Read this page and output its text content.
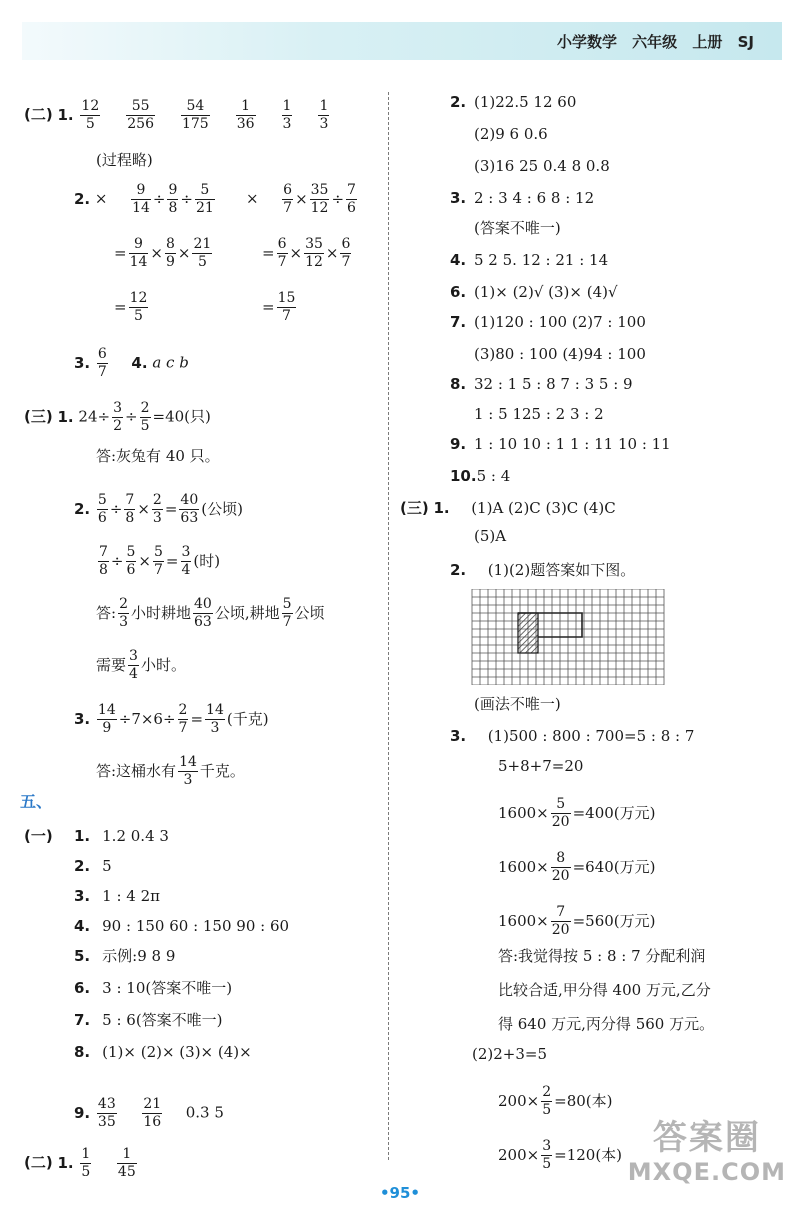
小学数学 六年级 上册 SJ
(二) 1. $\frac{12}{5} \frac{55}{256} \frac{54}{175} \frac{1}{36} \frac{1}{3} \frac{1}{3}$
(过程略)
2. × $\frac{9}{14} \div \frac{9}{8} \div \frac{5}{21} \times \frac{6}{7} \times \frac{35}{12} \div \frac{7}{6}$
= $\frac{9}{14} \times \frac{8}{9} \times \frac{21}{5}$	= $\frac{6}{7} \times \frac{35}{12} \times \frac{6}{7}$
= $\frac{12}{5}$	= $\frac{15}{7}$
3. $\frac{6}{7} 4$. a c b
(三) 1. $24\div \frac{3}{2} \div \frac{2}{5} =40$(只)
答:灰兔有 40 只。
2. $\frac{5}{6} \div \frac{7}{8} \times \frac{2}{3} = \frac{40}{63}$ (公顷)
$\frac{7}{8} \div \frac{5}{6} \times \frac{5}{7} = \frac{3}{4}$ (时)
答: $\frac{2}{3}$ 小时耕地 $\frac{40}{63}$ 公顷,耕地 $\frac{5}{7}$ 公顷
需要 $\frac{3}{4}$ 小时。
3. $\frac{14}{9} \div 7\times 6\div \frac{2}{7} = \frac{14}{3}$ (千克)
答:这桶水有 $\frac{14}{3}$ 千克。
五、
(一) 1. 1.2 0.4 3
2. 5
3. 1 : 4 2π
4. 90 : 150 60 : 150 90 : 60
5. 示例:9 8 9
6. 3 : 10(答案不唯一)
7. 5 : 6(答案不唯一)
8. (1)× (2)× (3)× (4)×
9. $\frac{43}{35}$
$\frac{21}{16} 0.3$ 5
(二) 1. $\frac{1}{5}$
$\frac{1}{45}$
2. (1)22.5 12 60
(2)9 6 0.6
(3)16 25 0.4 8 0.8
3. 2 : 3 4 : 6 8 : 12
(答案不唯一)
4. 5 2 5. 12 : 21 : 14
6. (1)× (2)√ (3)× (4)√
7. (1)120 : 100 (2)7 : 100
(3)80 : 100 (4)94 : 100
8. 32 : 1 5 : 8 7 : 3 5 : 9
1 : 5 125 : 2 3 : 2
9. 1 : 10 10 : 1 1 : 11 10 : 11
10.5 : 4
(三) 1. (1)A (2)C (3)C (4)C
(5)A
2. (1)(2)题答案如下图。
(画法不唯一)
3. (1)500 : 800 : 700=5 : 8 : 7
5+8+7=20
$1600\times \frac{5}{20} =400$(万元)
$1600\times \frac{8}{20} =640$(万元)
$1600\times \frac{7}{20} =560$(万元)
答:我觉得按 5 : 8 : 7 分配利润
比较合适,甲分得 400 万元,乙分
得 640 万元,丙分得 560 万元。
(2)2+3=5
$200\times \frac{2}{5} =80$(本)
$200\times \frac{3}{5} =120$(本) 答案圈
MXQE.COM
•95•
